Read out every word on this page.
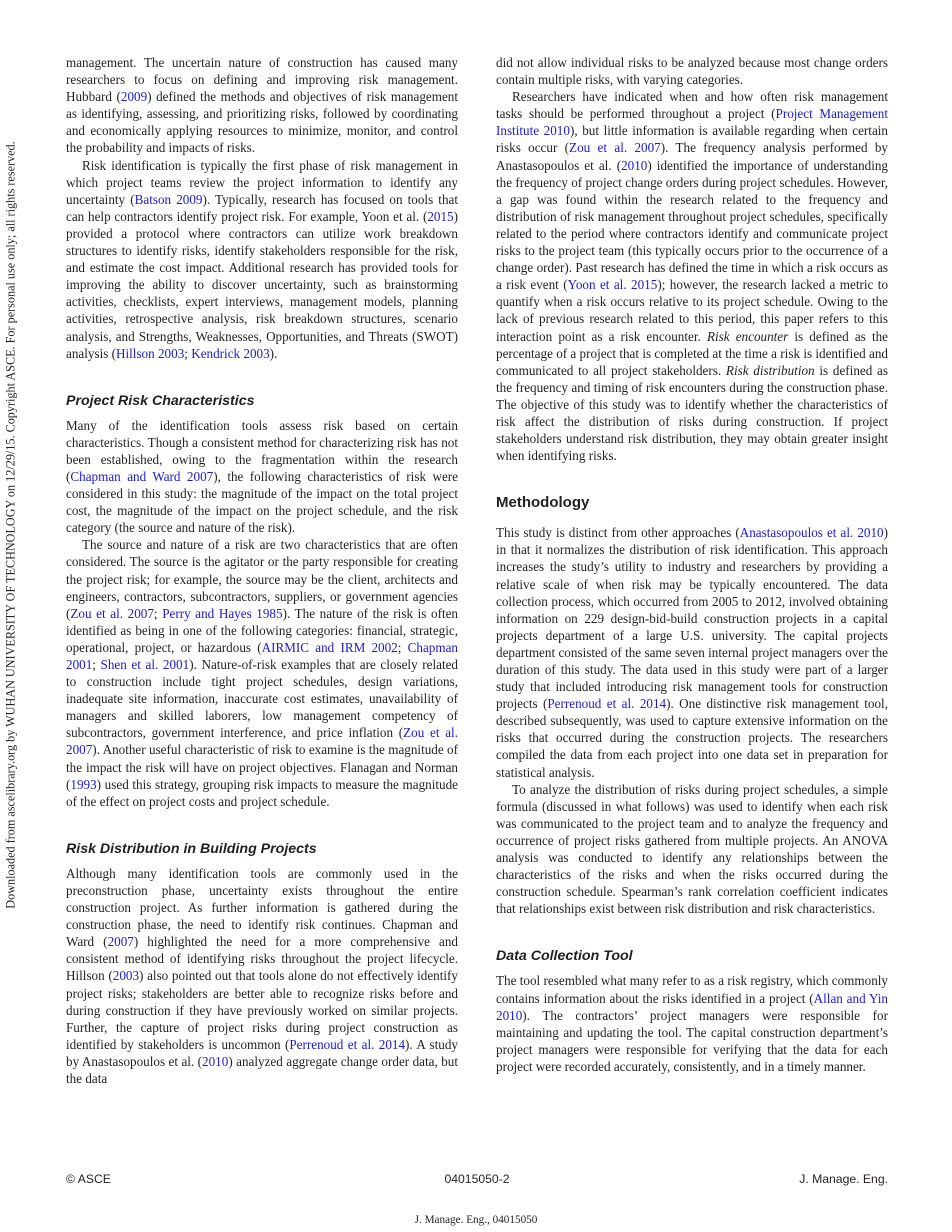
Downloaded from ascelibrary.org by WUHAN UNIVERSITY OF TECHNOLOGY on 12/29/15. Copyright ASCE. For personal use only; all rights reserved.

management. The uncertain nature of construction has caused many researchers to focus on defining and improving risk management. Hubbard (2009) defined the methods and objectives of risk management as identifying, assessing, and prioritizing risks, followed by coordinating and economically applying resources to minimize, monitor, and control the probability and impacts of risks.

Risk identification is typically the first phase of risk management in which project teams review the project information to identify any uncertainty (Batson 2009). Typically, research has focused on tools that can help contractors identify project risk. For example, Yoon et al. (2015) provided a protocol where contractors can utilize work breakdown structures to identify risks, identify stakeholders responsible for the risk, and estimate the cost impact. Additional research has provided tools for improving the ability to discover uncertainty, such as brainstorming activities, checklists, expert interviews, management models, planning activities, retrospective analysis, risk breakdown structures, scenario analysis, and Strengths, Weaknesses, Opportunities, and Threats (SWOT) analysis (Hillson 2003; Kendrick 2003).

Project Risk Characteristics

Many of the identification tools assess risk based on certain characteristics. Though a consistent method for characterizing risk has not been established, owing to the fragmentation within the research (Chapman and Ward 2007), the following characteristics of risk were considered in this study: the magnitude of the impact on the total project cost, the magnitude of the impact on the project schedule, and the risk category (the source and nature of the risk).

The source and nature of a risk are two characteristics that are often considered. The source is the agitator or the party responsible for creating the project risk; for example, the source may be the client, architects and engineers, contractors, subcontractors, suppliers, or government agencies (Zou et al. 2007; Perry and Hayes 1985). The nature of the risk is often identified as being in one of the following categories: financial, strategic, operational, project, or hazardous (AIRMIC and IRM 2002; Chapman 2001; Shen et al. 2001). Nature-of-risk examples that are closely related to construction include tight project schedules, design variations, inadequate site information, inaccurate cost estimates, unavailability of managers and skilled laborers, low management competency of subcontractors, government interference, and price inflation (Zou et al. 2007). Another useful characteristic of risk to examine is the magnitude of the impact the risk will have on project objectives. Flanagan and Norman (1993) used this strategy, grouping risk impacts to measure the magnitude of the effect on project costs and project schedule.

Risk Distribution in Building Projects

Although many identification tools are commonly used in the preconstruction phase, uncertainty exists throughout the entire construction project. As further information is gathered during the construction phase, the need to identify risk continues. Chapman and Ward (2007) highlighted the need for a more comprehensive and consistent method of identifying risks throughout the project lifecycle. Hillson (2003) also pointed out that tools alone do not effectively identify project risks; stakeholders are better able to recognize risks before and during construction if they have previously worked on similar projects. Further, the capture of project risks during project construction as identified by stakeholders is uncommon (Perrenoud et al. 2014). A study by Anastasopoulos et al. (2010) analyzed aggregate change order data, but the data

did not allow individual risks to be analyzed because most change orders contain multiple risks, with varying categories.

Researchers have indicated when and how often risk management tasks should be performed throughout a project (Project Management Institute 2010), but little information is available regarding when certain risks occur (Zou et al. 2007). The frequency analysis performed by Anastasopoulos et al. (2010) identified the importance of understanding the frequency of project change orders during project schedules. However, a gap was found within the research related to the frequency and distribution of risk management throughout project schedules, specifically related to the period where contractors identify and communicate project risks to the project team (this typically occurs prior to the occurrence of a change order). Past research has defined the time in which a risk occurs as a risk event (Yoon et al. 2015); however, the research lacked a metric to quantify when a risk occurs relative to its project schedule. Owing to the lack of previous research related to this period, this paper refers to this interaction point as a risk encounter. Risk encounter is defined as the percentage of a project that is completed at the time a risk is identified and communicated to all project stakeholders. Risk distribution is defined as the frequency and timing of risk encounters during the construction phase. The objective of this study was to identify whether the characteristics of risk affect the distribution of risks during construction. If project stakeholders understand risk distribution, they may obtain greater insight when identifying risks.

Methodology

This study is distinct from other approaches (Anastasopoulos et al. 2010) in that it normalizes the distribution of risk identification. This approach increases the study’s utility to industry and researchers by providing a relative scale of when risk may be typically encountered. The data collection process, which occurred from 2005 to 2012, involved obtaining information on 229 design-bid-build construction projects in a capital projects department of a large U.S. university. The capital projects department consisted of the same seven internal project managers over the duration of this study. The data used in this study were part of a larger study that included introducing risk management tools for construction projects (Perrenoud et al. 2014). One distinctive risk management tool, described subsequently, was used to capture extensive information on the risks that occurred during the construction projects. The researchers compiled the data from each project into one data set in preparation for statistical analysis.

To analyze the distribution of risks during project schedules, a simple formula (discussed in what follows) was used to identify when each risk was communicated to the project team and to analyze the frequency and occurrence of project risks gathered from multiple projects. An ANOVA analysis was conducted to identify any relationships between the characteristics of the risks and when the risks occurred during the construction schedule. Spearman’s rank correlation coefficient indicates that relationships exist between risk distribution and risk characteristics.

Data Collection Tool

The tool resembled what many refer to as a risk registry, which commonly contains information about the risks identified in a project (Allan and Yin 2010). The contractors’ project managers were responsible for maintaining and updating the tool. The capital construction department’s project managers were responsible for verifying that the data for each project were recorded accurately, consistently, and in a timely manner.

© ASCE	04015050-2	J. Manage. Eng.
J. Manage. Eng., 04015050
